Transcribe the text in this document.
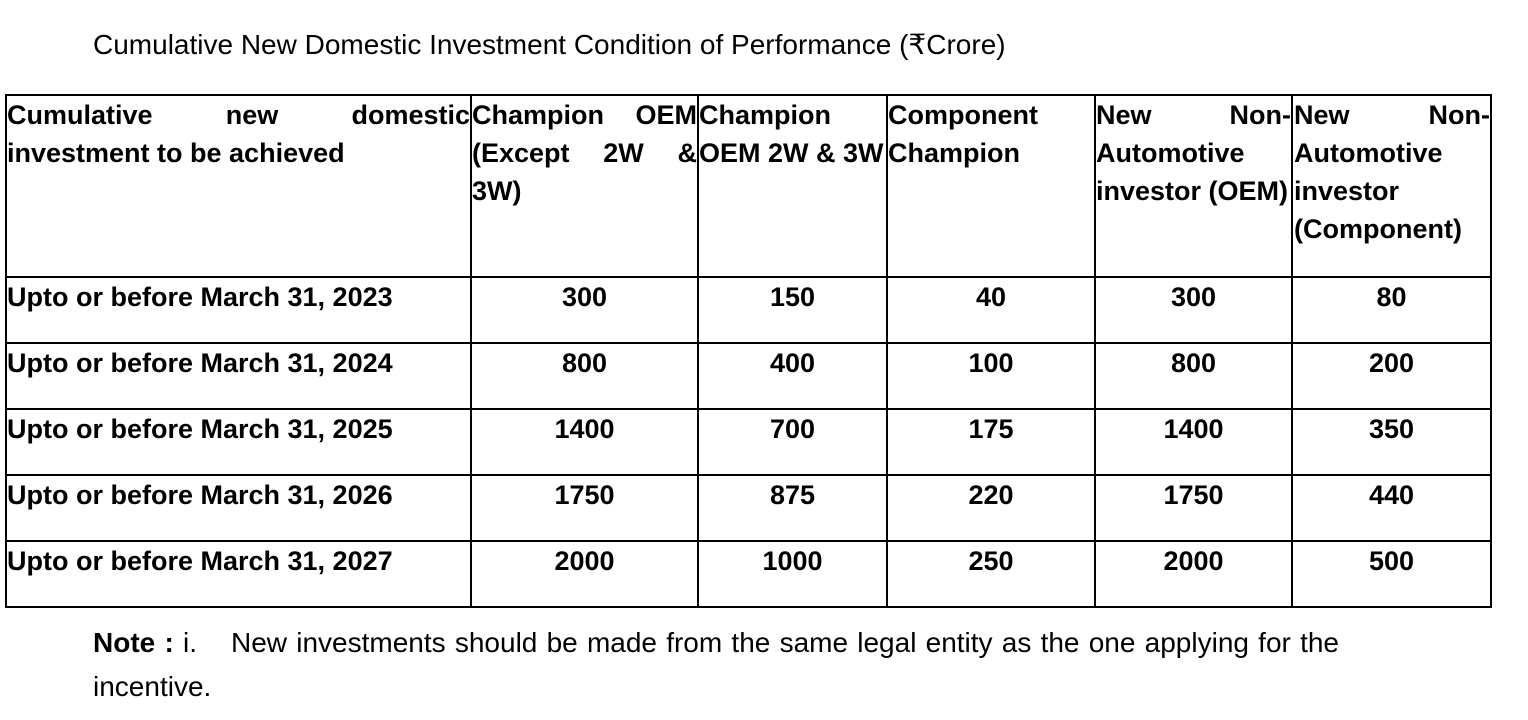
Cumulative New Domestic Investment Condition of Performance (₹Crore)
Cumulative new domestic investment to be achieved	Champion OEM (Except 2W & 3W)	Champion OEM 2W & 3W	Component Champion	New Non-Automotive investor (OEM)	New Non-Automotive investor (Component)
Upto or before March 31, 2023	300	150	40	300	80
Upto or before March 31, 2024	800	400	100	800	200
Upto or before March 31, 2025	1400	700	175	1400	350
Upto or before March 31, 2026	1750	875	220	1750	440
Upto or before March 31, 2027	2000	1000	250	2000	500
Note : i. New investments should be made from the same legal entity as the one applying for the incentive.
